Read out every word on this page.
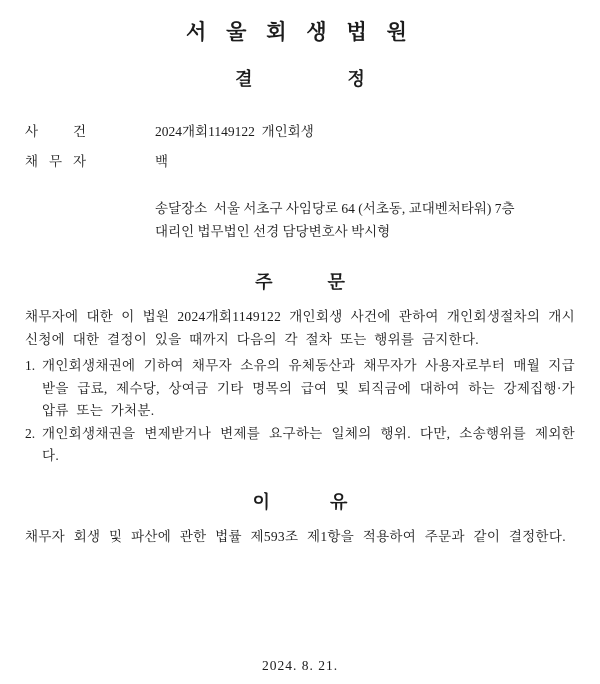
서 울 회 생 법 원
결	정
사	건	2024개회1149122  개인회생
채 무 자	백
송달장소  서울 서초구 사임당로 64 (서초동, 교대벤처타워) 7층
대리인 법무법인 선경 담당변호사 박시형
주	문

채무자에 대한 이 법원 2024개회1149122 개인회생 사건에 관하여 개인회생절차의 개시신청에 대한 결정이 있을 때까지 다음의 각 절차 또는 행위를 금지한다.

1. 개인회생채권에 기하여 채무자 소유의 유체동산과 채무자가 사용자로부터 매월 지급받을 급료, 제수당, 상여금 기타 명목의 급여 및 퇴직금에 대하여 하는 강제집행·가압류 또는 가처분.
2. 개인회생채권을 변제받거나 변제를 요구하는 일체의 행위. 다만, 소송행위를 제외한다.
이	유

채무자 회생 및 파산에 관한 법률 제593조 제1항을 적용하여 주문과 같이 결정한다.

2024. 8. 21.
